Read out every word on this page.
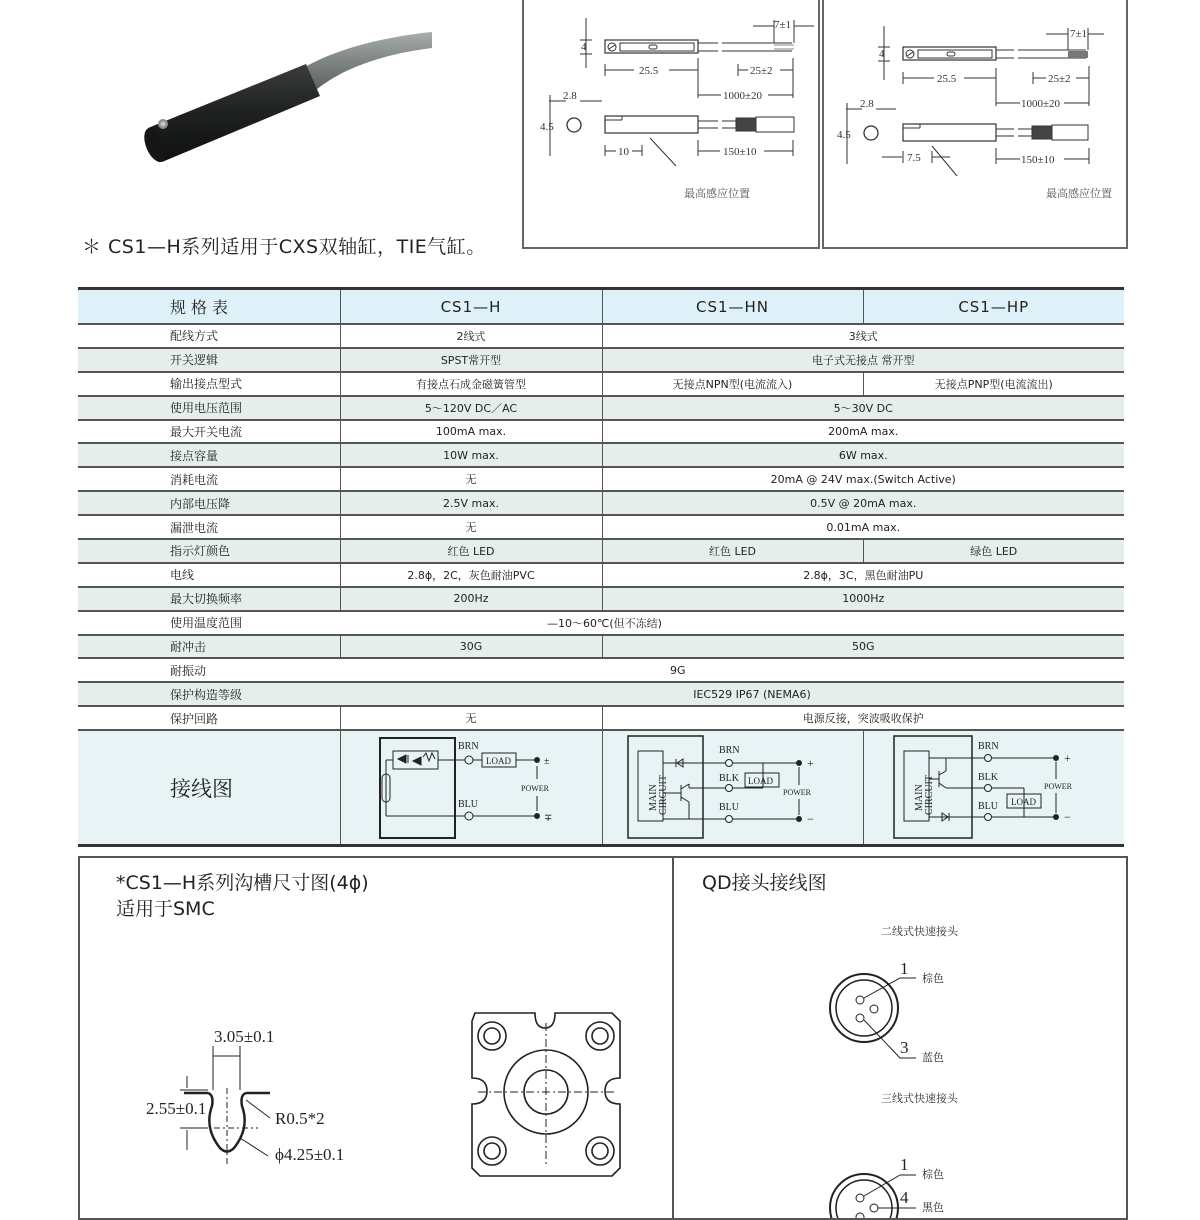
4
7±1
25.5	25±2
1000±20
2.8
4.5
10	150±10
最高感应位置
4
7±1
25.5	25±2
1000±20
2.8
4.5
7.5	150±10
最高感应位置
＊ CS1—H系列适用于CXS双轴缸，TIE气缸。
规格表	CS1—H	CS1—HN	CS1—HP
配线方式	2线式	3线式	
开关逻辑	SPST常开型	电子式无接点 常开型	
输出接点型式	有接点石成金磁簧管型	无接点NPN型(电流流入)	无接点PNP型(电流流出)
使用电压范围	5～120V DC／AC	5～30V DC	
最大开关电流	100mA max.	200mA max.	
接点容量	10W max.	6W max.	
消耗电流	无	20mA @ 24V max.(Switch Active)	
内部电压降	2.5V max.	0.5V @ 20mA max.	
漏泄电流	无	0.01mA max.	
指示灯颜色	红色 LED	红色 LED	绿色 LED
电线	2.8ϕ，2C，灰色耐油PVC	2.8ϕ，3C，黑色耐油PU	
最大切换频率	200Hz	1000Hz	
使用温度范围	—10～60℃(但不冻结)		
耐冲击	30G	50G	
耐振动	9G		
保护构造等级	IEC529 IP67 (NEMA6)		
保护回路	无	电源反接，突波吸收保护	
接线图	
BRN
LOAD
BLU
POWER
±
∓

MAIN CIRCUIT
BRN
LOAD
BLK
BLU
POWER
+
−

MAIN CIRCUIT
BRN
BLK
LOAD
BLU
POWER
+
−
*CS1—H系列沟槽尺寸图(4ϕ)
适用于SMC
3.05±0.1
2.55±0.1
R0.5*2
ϕ4.25±0.1
QD接头接线图
二线式快速接头
1
3
棕色
蓝色
三线式快速接头
1
4
棕色
黑色
